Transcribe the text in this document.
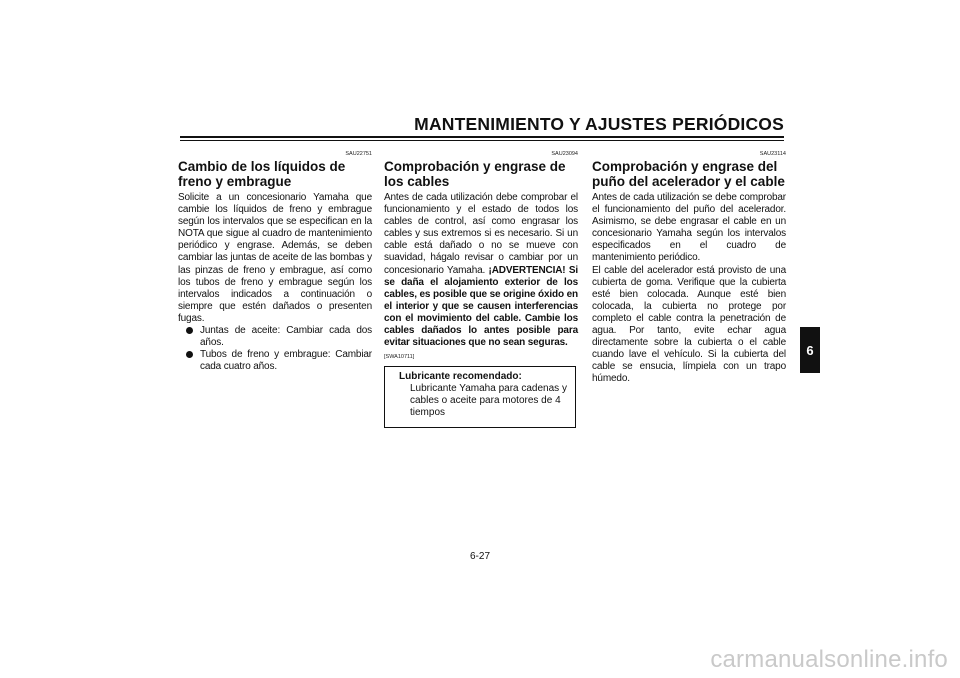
MANTENIMIENTO Y AJUSTES PERIÓDICOS
SAU22751
Cambio de los líquidos de freno y embrague

Solicite a un concesionario Yamaha que cambie los líquidos de freno y embrague según los intervalos que se especifican en la NOTA que sigue al cuadro de mantenimiento periódico y engrase. Además, se deben cambiar las juntas de aceite de las bombas y las pinzas de freno y embrague, así como los tubos de freno y embrague según los intervalos indicados a continuación o siempre que estén dañados o presenten fugas.

Juntas de aceite: Cambiar cada dos años.
Tubos de freno y embrague: Cambiar cada cuatro años.
SAU23094
Comprobación y engrase de los cables

Antes de cada utilización debe comprobar el funcionamiento y el estado de todos los cables de control, así como engrasar los cables y sus extremos si es necesario. Si un cable está dañado o no se mueve con suavidad, hágalo revisar o cambiar por un concesionario Yamaha. ¡ADVERTENCIA! Si se daña el alojamiento exterior de los cables, es posible que se origine óxido en el interior y que se causen interferencias con el movimiento del cable. Cambie los cables dañados lo antes posible para evitar situaciones que no sean seguras.

[SWA10711]
Lubricante recomendado:
Lubricante Yamaha para cadenas y cables o aceite para motores de 4 tiempos
SAU23114
Comprobación y engrase del puño del acelerador y el cable

Antes de cada utilización se debe comprobar el funcionamiento del puño del acelerador. Asimismo, se debe engrasar el cable en un concesionario Yamaha según los intervalos especificados en el cuadro de mantenimiento periódico.

El cable del acelerador está provisto de una cubierta de goma. Verifique que la cubierta esté bien colocada. Aunque esté bien colocada, la cubierta no protege por completo el cable contra la penetración de agua. Por tanto, evite echar agua directamente sobre la cubierta o el cable cuando lave el vehículo. Si la cubierta del cable se ensucia, límpiela con un trapo húmedo.

6
6-27
carmanualsonline.info
